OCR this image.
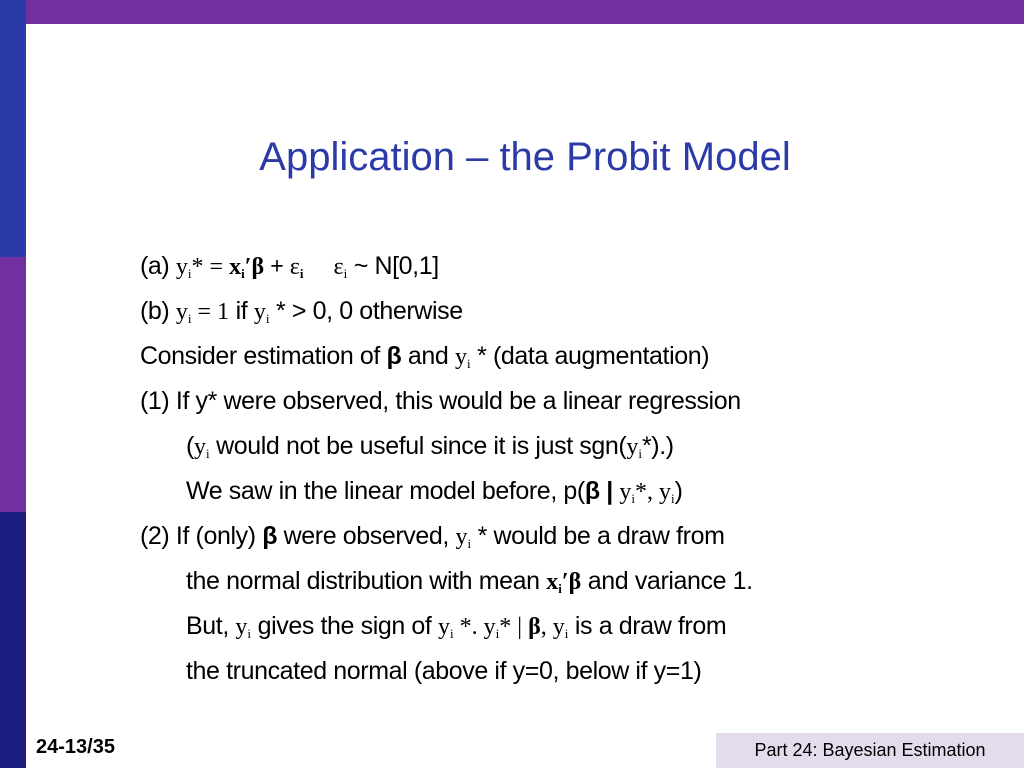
Application – the Probit Model
(a) $y_i* = x_i'\beta + \varepsilon_i$ $\varepsilon_i$ ~ N[0,1]
(b) $y_i = 1$ if $y_i$ * > 0, 0 otherwise
Consider estimation of β and $y_i$ * (data augmentation)
(1) If y* were observed, this would be a linear regression
($y_i$ would not be useful since it is just $sgn(y_i*)$.)
We saw in the linear model before, p(β | $y_i*$, $y_i$)
(2) If (only) β were observed, $y_i$ * would be a draw from
the normal distribution with mean $x_i'\beta$ and variance 1.
But, $y_i$ gives the sign of $y_i$ *. $y_i*$ | β, $y_i$ is a draw from
the truncated normal (above if y=0, below if y=1)
24-13/35	Part 24: Bayesian Estimation
